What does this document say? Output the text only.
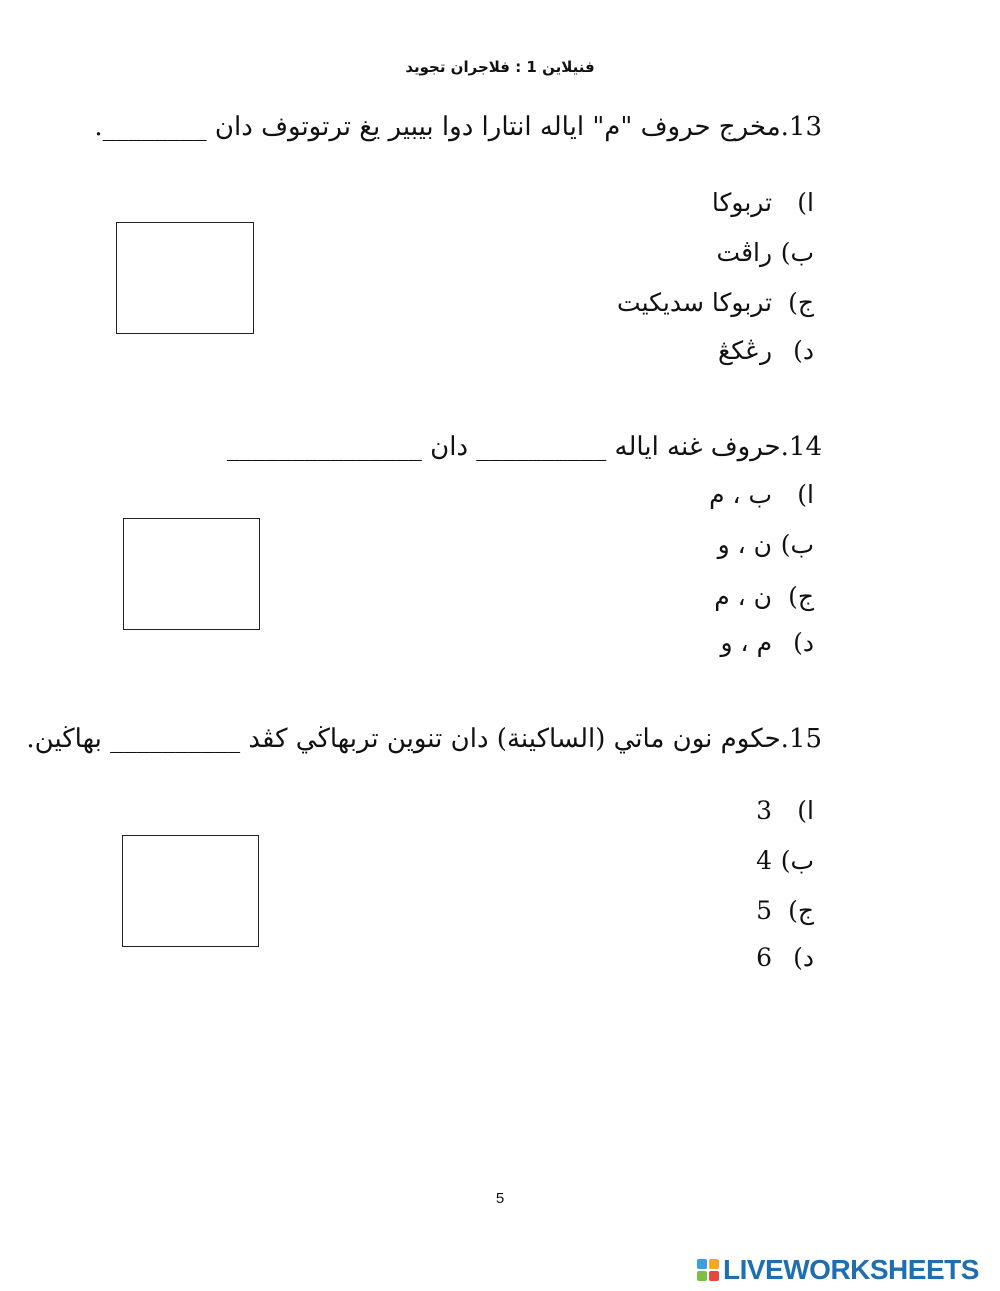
فنيلاين 1 : فلاجران تجويد
13.مخرج حروف "م" اياله انتارا دوا بيبير يغ ترتوتوف دان ________.
ا) تربوكا
ب) راڤت
ج) تربوكا سديكيت
د) رڠكڠ
14.حروف غنه اياله __________ دان _______________
ا) ب ، م
ب) ن ، و
ج) ن ، م
د) م ، و
15.حكوم نون ماتي (الساكينة) دان تنوين تربهاڬي كڤد __________ بهاڬين.
ا) 3
ب) 4
ج) 5
د) 6
5
LIVEWORKSHEETS
